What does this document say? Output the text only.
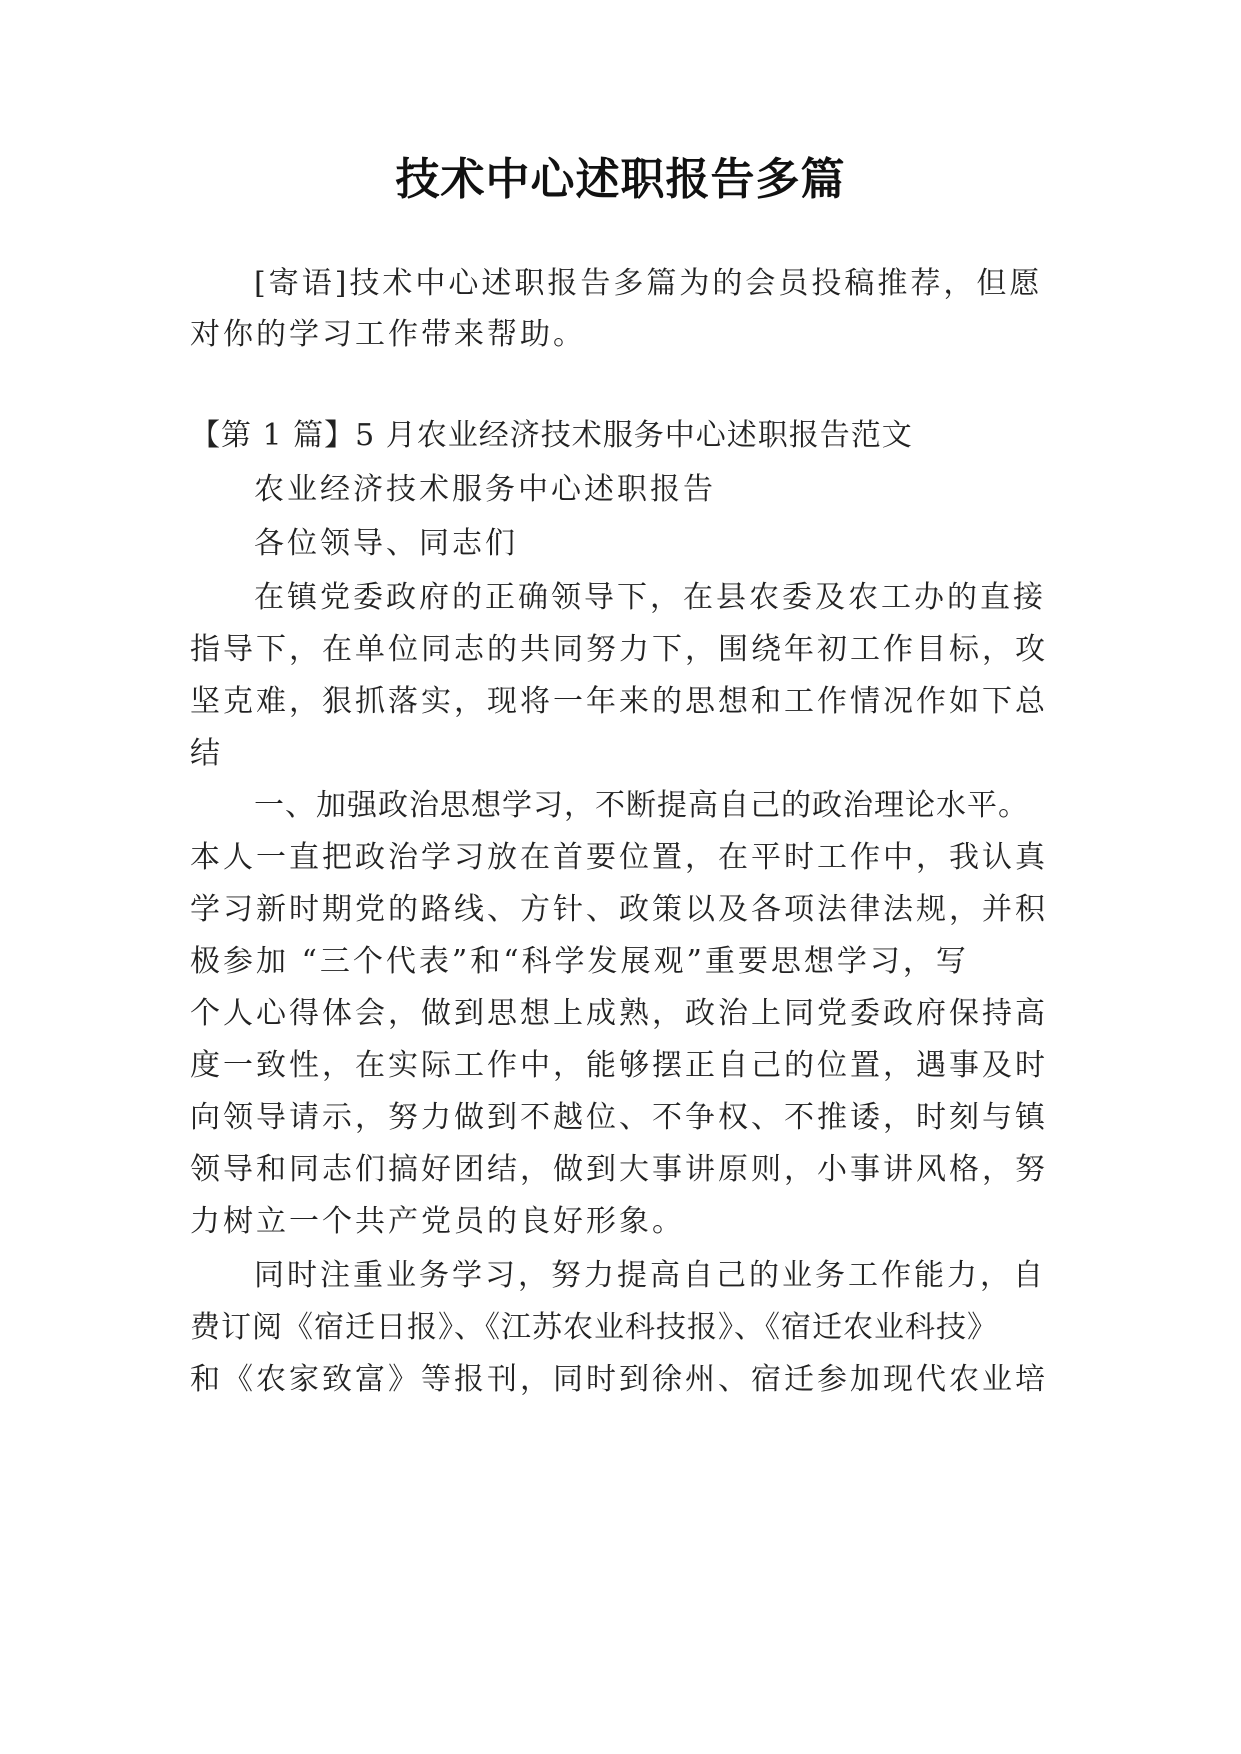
技术中心述职报告多篇
[寄语]技术中心述职报告多篇为的会员投稿推荐，但愿
对你的学习工作带来帮助。
【第 1 篇】5 月农业经济技术服务中心述职报告范文
农业经济技术服务中心述职报告
各位领导、同志们
在镇党委政府的正确领导下，在县农委及农工办的直接
指导下，在单位同志的共同努力下，围绕年初工作目标，攻
坚克难，狠抓落实，现将一年来的思想和工作情况作如下总
结
一、加强政治思想学习，不断提高自己的政治理论水平。
本人一直把政治学习放在首要位置，在平时工作中，我认真
学习新时期党的路线、方针、政策以及各项法律法规，并积
极参加 “三个代表”和“科学发展观”重要思想学习，写
个人心得体会，做到思想上成熟，政治上同党委政府保持高
度一致性，在实际工作中，能够摆正自己的位置，遇事及时
向领导请示，努力做到不越位、不争权、不推诿，时刻与镇
领导和同志们搞好团结，做到大事讲原则，小事讲风格，努
力树立一个共产党员的良好形象。
同时注重业务学习，努力提高自己的业务工作能力，自
费订阅《宿迁日报》、《江苏农业科技报》、《宿迁农业科技》
和《农家致富》等报刊，同时到徐州、宿迁参加现代农业培
